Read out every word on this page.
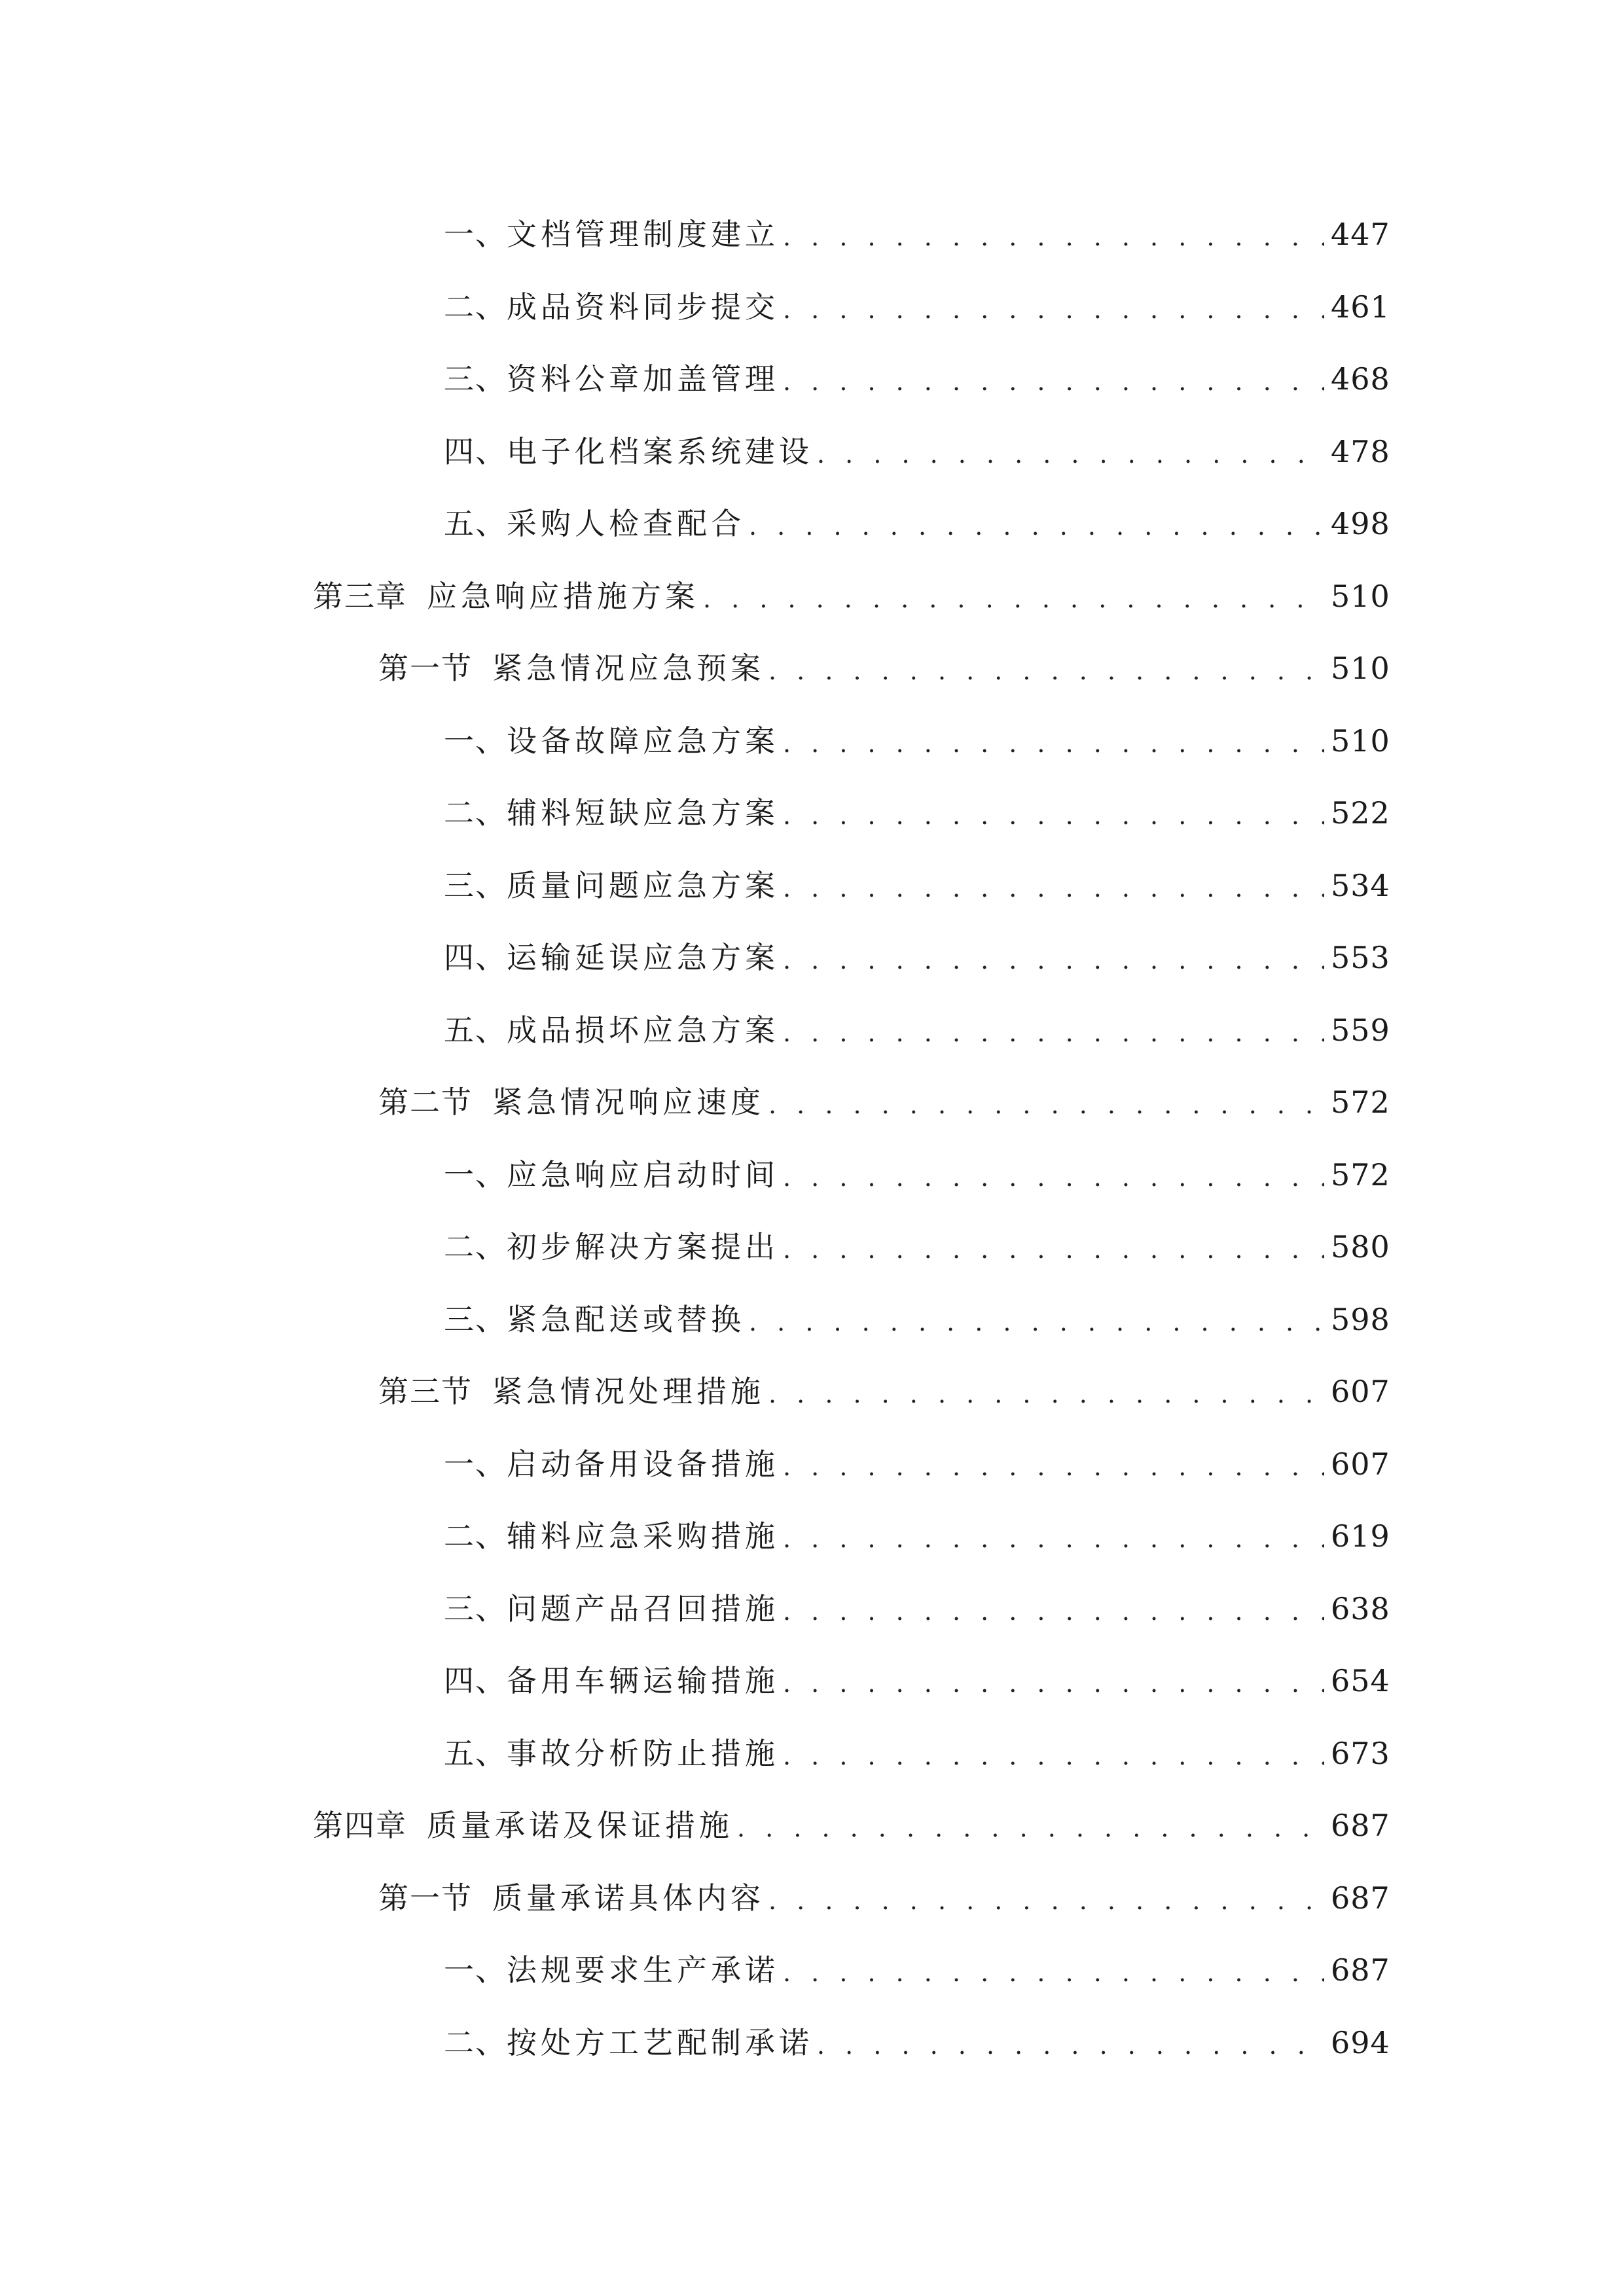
一、 文档管理制度建立 . . .	447
二、 成品资料同步提交 . . .	461
三、 资料公章加盖管理 . . .	468
四、 电子化档案系统建设 . . .	478
五、 采购人检查配合 . . .	498
第三章 应急响应措施方案 . . .	510
第一节 紧急情况应急预案 . . .	510
一、 设备故障应急方案 . . .	510
二、 辅料短缺应急方案 . . .	522
三、 质量问题应急方案 . . .	534
四、 运输延误应急方案 . . .	553
五、 成品损坏应急方案 . . .	559
第二节 紧急情况响应速度 . . .	572
一、 应急响应启动时间 . . .	572
二、 初步解决方案提出 . . .	580
三、 紧急配送或替换 . . .	598
第三节 紧急情况处理措施 . . .	607
一、 启动备用设备措施 . . .	607
二、 辅料应急采购措施 . . .	619
三、 问题产品召回措施 . . .	638
四、 备用车辆运输措施 . . .	654
五、 事故分析防止措施 . . .	673
第四章 质量承诺及保证措施 . . .	687
第一节 质量承诺具体内容 . . .	687
一、 法规要求生产承诺 . . .	687
二、 按处方工艺配制承诺 . . .	694
